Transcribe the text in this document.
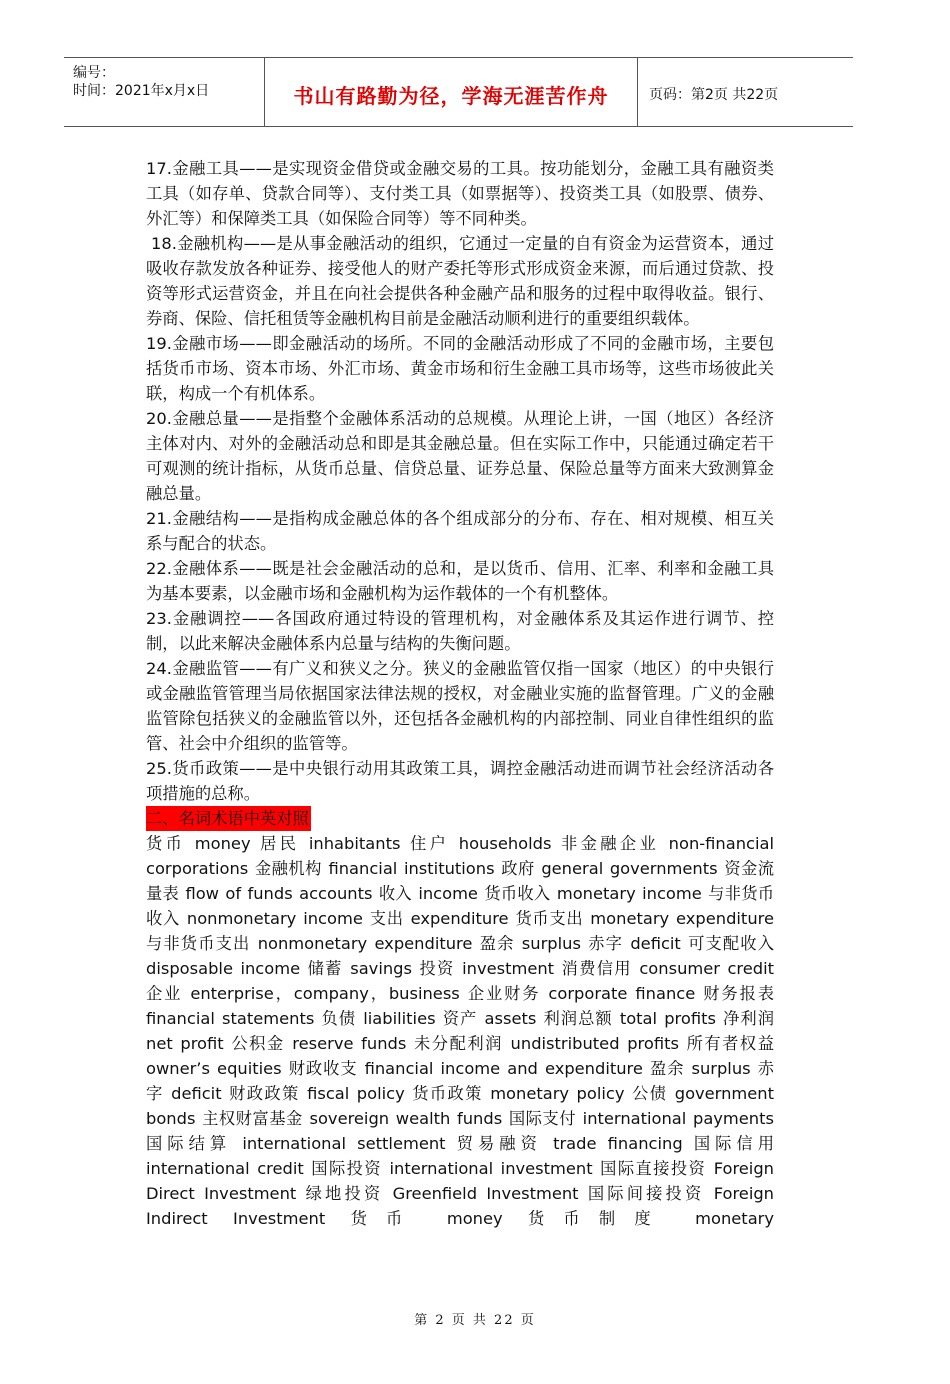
编号：
时间：2021年x月x日	书山有路勤为径，学海无涯苦作舟	页码：第2页 共22页

17.金融工具——是实现资金借贷或金融交易的工具。按功能划分，金融工具有融资类工具（如存单、贷款合同等）、支付类工具（如票据等）、投资类工具（如股票、债券、外汇等）和保障类工具（如保险合同等）等不同种类。

18.金融机构——是从事金融活动的组织，它通过一定量的自有资金为运营资本，通过吸收存款发放各种证券、接受他人的财产委托等形式形成资金来源，而后通过贷款、投资等形式运营资金，并且在向社会提供各种金融产品和服务的过程中取得收益。银行、券商、保险、信托租赁等金融机构目前是金融活动顺利进行的重要组织载体。

19.金融市场——即金融活动的场所。不同的金融活动形成了不同的金融市场，主要包括货币市场、资本市场、外汇市场、黄金市场和衍生金融工具市场等，这些市场彼此关联，构成一个有机体系。

20.金融总量——是指整个金融体系活动的总规模。从理论上讲，一国（地区）各经济主体对内、对外的金融活动总和即是其金融总量。但在实际工作中，只能通过确定若干可观测的统计指标，从货币总量、信贷总量、证券总量、保险总量等方面来大致测算金融总量。

21.金融结构——是指构成金融总体的各个组成部分的分布、存在、相对规模、相互关系与配合的状态。

22.金融体系——既是社会金融活动的总和，是以货币、信用、汇率、利率和金融工具为基本要素，以金融市场和金融机构为运作载体的一个有机整体。

23.金融调控——各国政府通过特设的管理机构，对金融体系及其运作进行调节、控制，以此来解决金融体系内总量与结构的失衡问题。

24.金融监管——有广义和狭义之分。狭义的金融监管仅指一国家（地区）的中央银行或金融监管管理当局依据国家法律法规的授权，对金融业实施的监督管理。广义的金融监管除包括狭义的金融监管以外，还包括各金融机构的内部控制、同业自律性组织的监管、社会中介组织的监管等。

25.货币政策——是中央银行动用其政策工具，调控金融活动进而调节社会经济活动各项措施的总称。

二、名词术语中英对照

货币 money 居民 inhabitants 住户 households 非金融企业 non-financial corporations 金融机构 financial institutions 政府 general governments 资金流量表 flow of funds accounts 收入 income 货币收入 monetary income 与非货币收入 nonmonetary income 支出 expenditure 货币支出 monetary expenditure 与非货币支出 nonmonetary expenditure 盈余 surplus 赤字 deficit 可支配收入 disposable income 储蓄 savings 投资 investment 消费信用 consumer credit 企业 enterprise，company，business 企业财务 corporate finance 财务报表 financial statements 负债 liabilities 资产 assets 利润总额 total profits 净利润 net profit 公积金 reserve funds 未分配利润 undistributed profits 所有者权益 owner’s equities 财政收支 financial income and expenditure 盈余 surplus 赤字 deficit 财政政策 fiscal policy 货币政策 monetary policy 公债 government bonds 主权财富基金 sovereign wealth funds 国际支付 international payments 国际结算 international settlement 贸易融资 trade financing 国际信用 international credit 国际投资 international investment 国际直接投资 Foreign Direct Investment 绿地投资 Greenfield Investment 国际间接投资 Foreign Indirect Investment 货币 money 货币制度 monetary

第 2 页 共 22 页
